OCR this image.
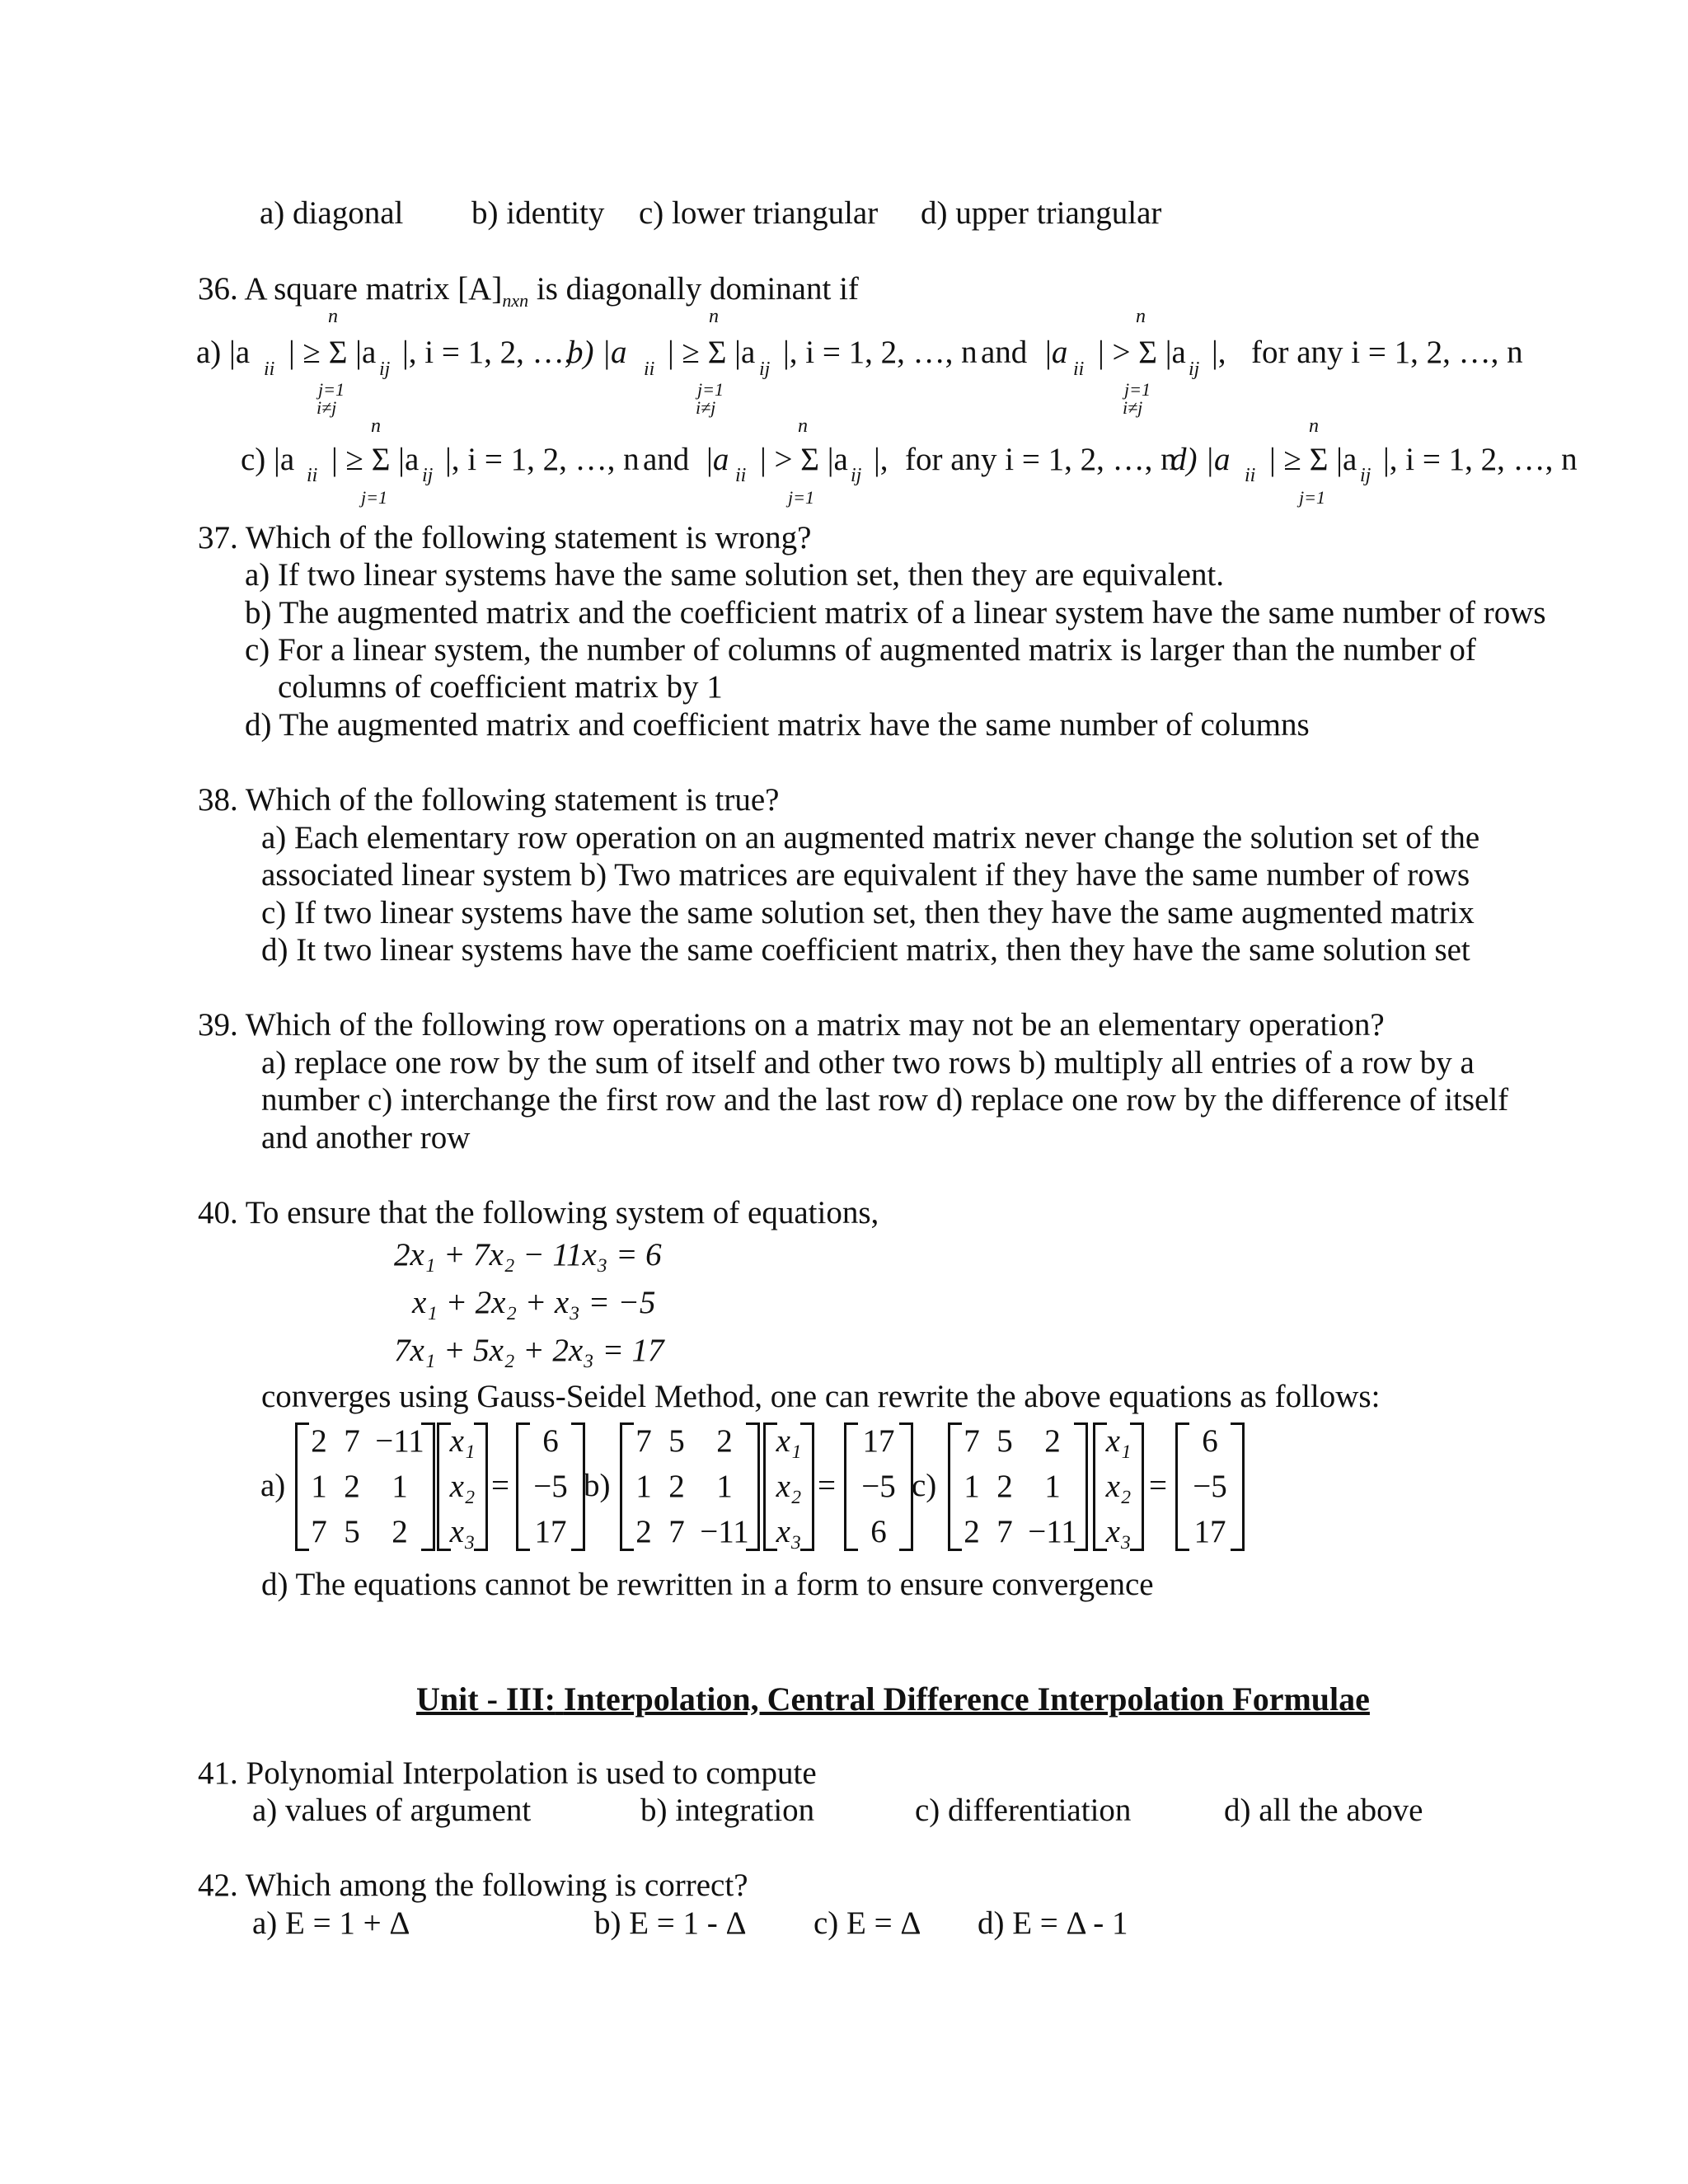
a) diagonal b) identity c) lower triangular d) upper triangular
36. A square matrix $[A]_{nxn}$ is diagonally dominant if
a) |a ii | ≥ Σ |a ij |, i = 1, 2, …,
n
j=1
i≠j
b) |a ii | ≥ Σ |a ij |, i = 1, 2, …, n
n
j=1
i≠j
and |a ii | > Σ |a ij |,
n
j=1
i≠j
for any i = 1, 2, …, n
c) |a ii | ≥ Σ |a ij |, i = 1, 2, …, n
n
j=1
and |a ii | > Σ |a ij |,
n
j=1
for any i = 1, 2, …, n
d) |a ii | ≥ Σ |a ij |, i = 1, 2, …, n
n
j=1
37. Which of the following statement is wrong?
a) If two linear systems have the same solution set, then they are equivalent.
b) The augmented matrix and the coefficient matrix of a linear system have the same number of rows
c) For a linear system, the number of columns of augmented matrix is larger than the number of
columns of coefficient matrix by 1
d) The augmented matrix and coefficient matrix have the same number of columns
38. Which of the following statement is true?
a) Each elementary row operation on an augmented matrix never change the solution set of the
associated linear system b) Two matrices are equivalent if they have the same number of rows
c) If two linear systems have the same solution set, then they have the same augmented matrix
d) It two linear systems have the same coefficient matrix, then they have the same solution set
39. Which of the following row operations on a matrix may not be an elementary operation?
a) replace one row by the sum of itself and other two rows b) multiply all entries of a row by a
number c) interchange the first row and the last row d) replace one row by the difference of itself
and another row
40. To ensure that the following system of equations,
2x₁ + 7x₂ − 11x₃ = 6
x₁ + 2x₂ + x₃ = −5
7x₁ + 5x₂ + 2x₃ = 17
converges using Gauss-Seidel Method, one can rewrite the above equations as follows:
a)
2 7 −11
1 2 1
7 5 2
x₁
x₂
x₃
=
6
−5
17
b)
7 5 2
1 2 1
2 7 −11
x₁
x₂
x₃
=
17
−5
6
c)
7 5 2
1 2 1
2 7 −11
x₁
x₂
x₃
=
6
−5
17
d) The equations cannot be rewritten in a form to ensure convergence
Unit - III: Interpolation, Central Difference Interpolation Formulae
41. Polynomial Interpolation is used to compute
a) values of argument	b) integration	c) differentiation	d) all the above
42. Which among the following is correct?
a) E = 1 + Δ	b) E = 1 - Δ c) E = Δ d) E = Δ - 1
